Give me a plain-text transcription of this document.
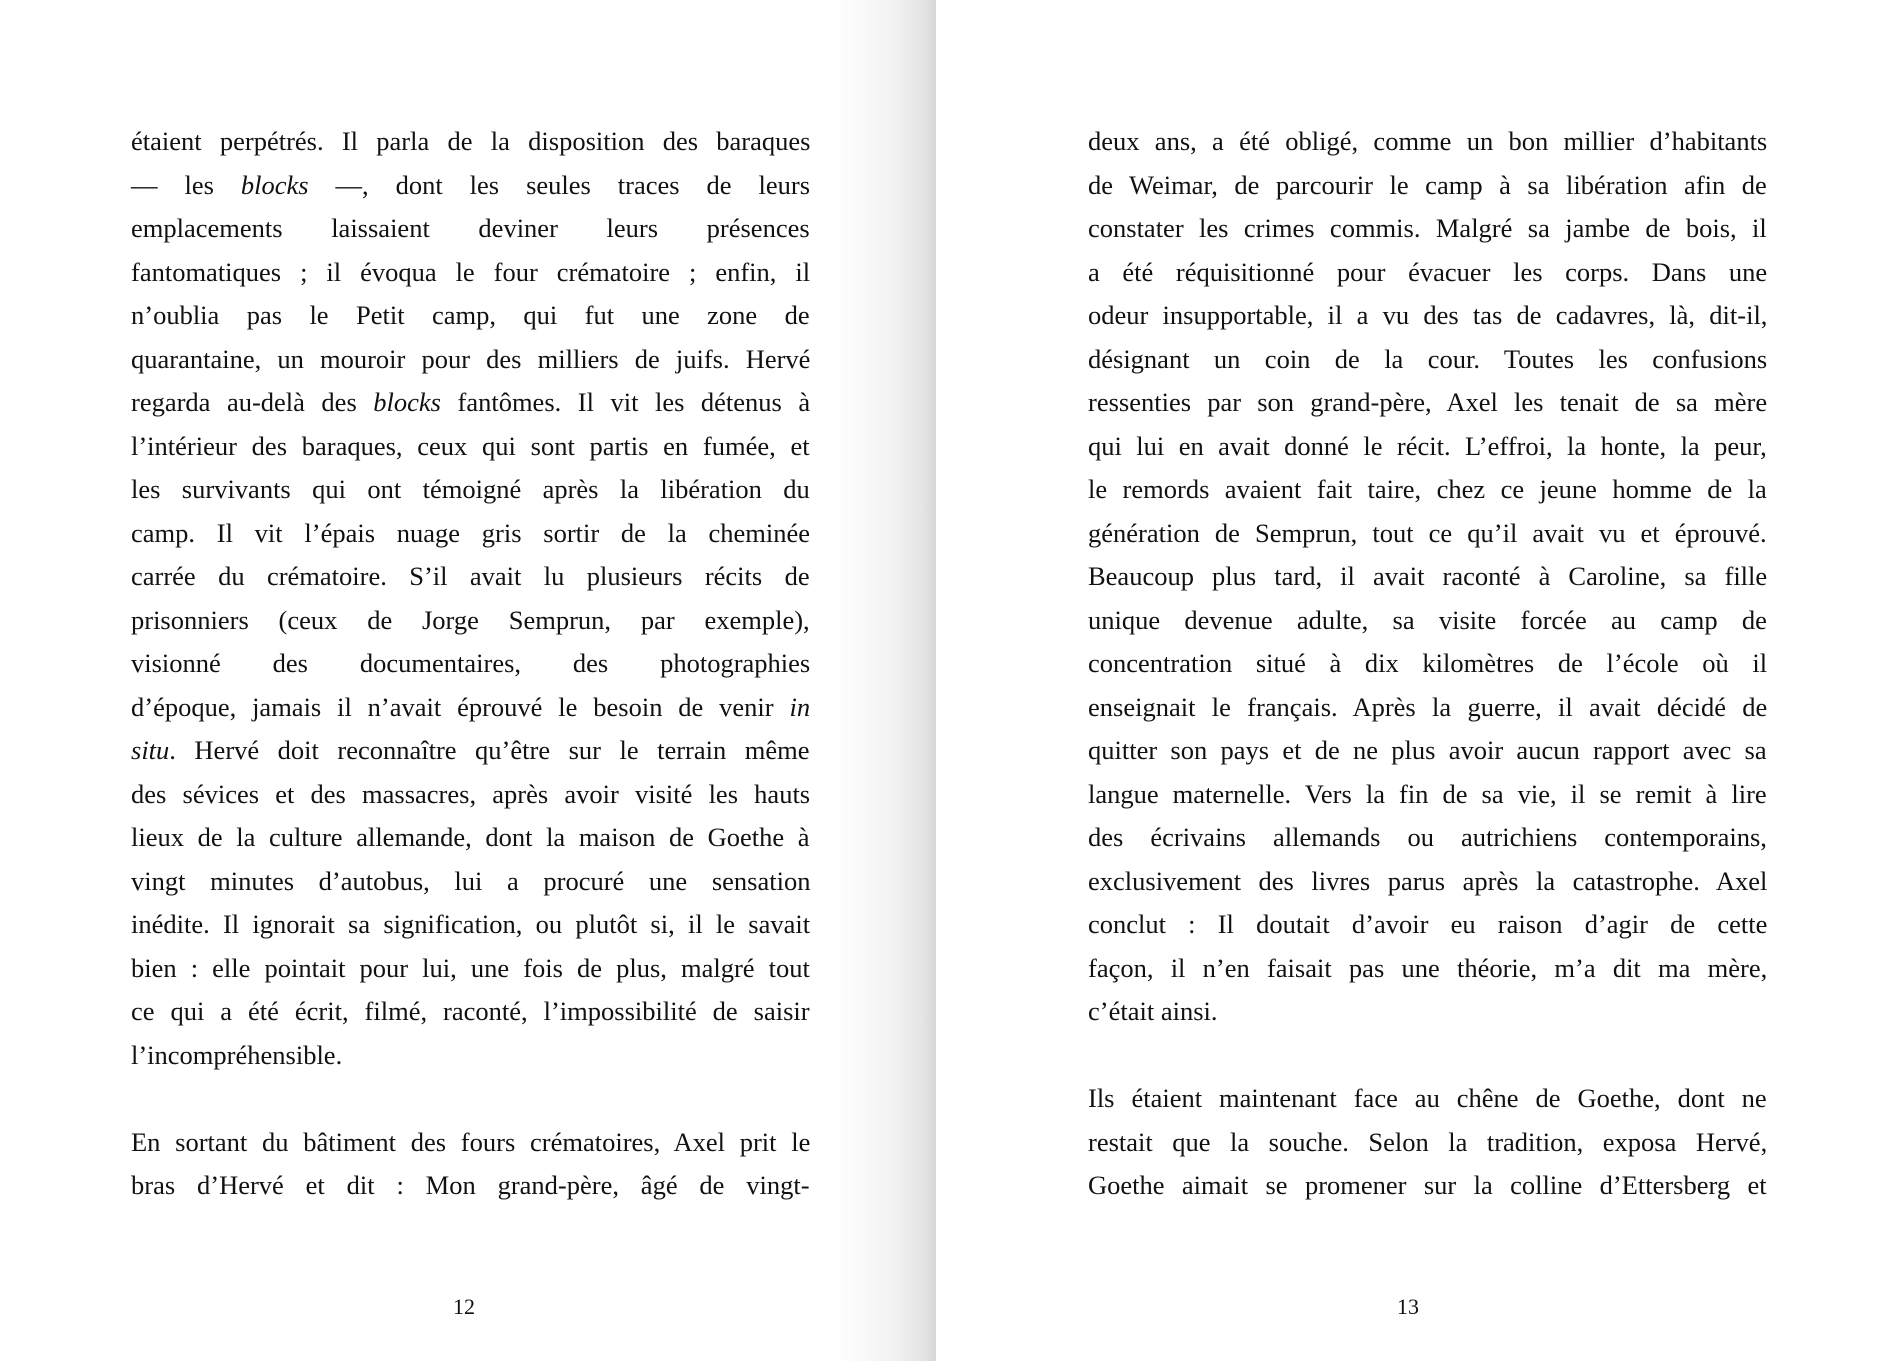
étaient perpétrés. Il parla de la disposition des baraques
— les blocks —, dont les seules traces de leurs
emplacements laissaient deviner leurs présences
fantomatiques ; il évoqua le four crématoire ; enfin, il
n’oublia pas le Petit camp, qui fut une zone de
quarantaine, un mouroir pour des milliers de juifs. Hervé
regarda au-delà des blocks fantômes. Il vit les détenus à
l’intérieur des baraques, ceux qui sont partis en fumée, et
les survivants qui ont témoigné après la libération du
camp. Il vit l’épais nuage gris sortir de la cheminée
carrée du crématoire. S’il avait lu plusieurs récits de
prisonniers (ceux de Jorge Semprun, par exemple),
visionné des documentaires, des photographies
d’époque, jamais il n’avait éprouvé le besoin de venir in
situ. Hervé doit reconnaître qu’être sur le terrain même
des sévices et des massacres, après avoir visité les hauts
lieux de la culture allemande, dont la maison de Goethe à
vingt minutes d’autobus, lui a procuré une sensation
inédite. Il ignorait sa signification, ou plutôt si, il le savait
bien : elle pointait pour lui, une fois de plus, malgré tout
ce qui a été écrit, filmé, raconté, l’impossibilité de saisir
l’incompréhensible.
En sortant du bâtiment des fours crématoires, Axel prit le
bras d’Hervé et dit : Mon grand-père, âgé de vingt-
12
deux ans, a été obligé, comme un bon millier d’habitants
de Weimar, de parcourir le camp à sa libération afin de
constater les crimes commis. Malgré sa jambe de bois, il
a été réquisitionné pour évacuer les corps. Dans une
odeur insupportable, il a vu des tas de cadavres, là, dit-il,
désignant un coin de la cour. Toutes les confusions
ressenties par son grand-père, Axel les tenait de sa mère
qui lui en avait donné le récit. L’effroi, la honte, la peur,
le remords avaient fait taire, chez ce jeune homme de la
génération de Semprun, tout ce qu’il avait vu et éprouvé.
Beaucoup plus tard, il avait raconté à Caroline, sa fille
unique devenue adulte, sa visite forcée au camp de
concentration situé à dix kilomètres de l’école où il
enseignait le français. Après la guerre, il avait décidé de
quitter son pays et de ne plus avoir aucun rapport avec sa
langue maternelle. Vers la fin de sa vie, il se remit à lire
des écrivains allemands ou autrichiens contemporains,
exclusivement des livres parus après la catastrophe. Axel
conclut : Il doutait d’avoir eu raison d’agir de cette
façon, il n’en faisait pas une théorie, m’a dit ma mère,
c’était ainsi.
Ils étaient maintenant face au chêne de Goethe, dont ne
restait que la souche. Selon la tradition, exposa Hervé,
Goethe aimait se promener sur la colline d’Ettersberg et
13
